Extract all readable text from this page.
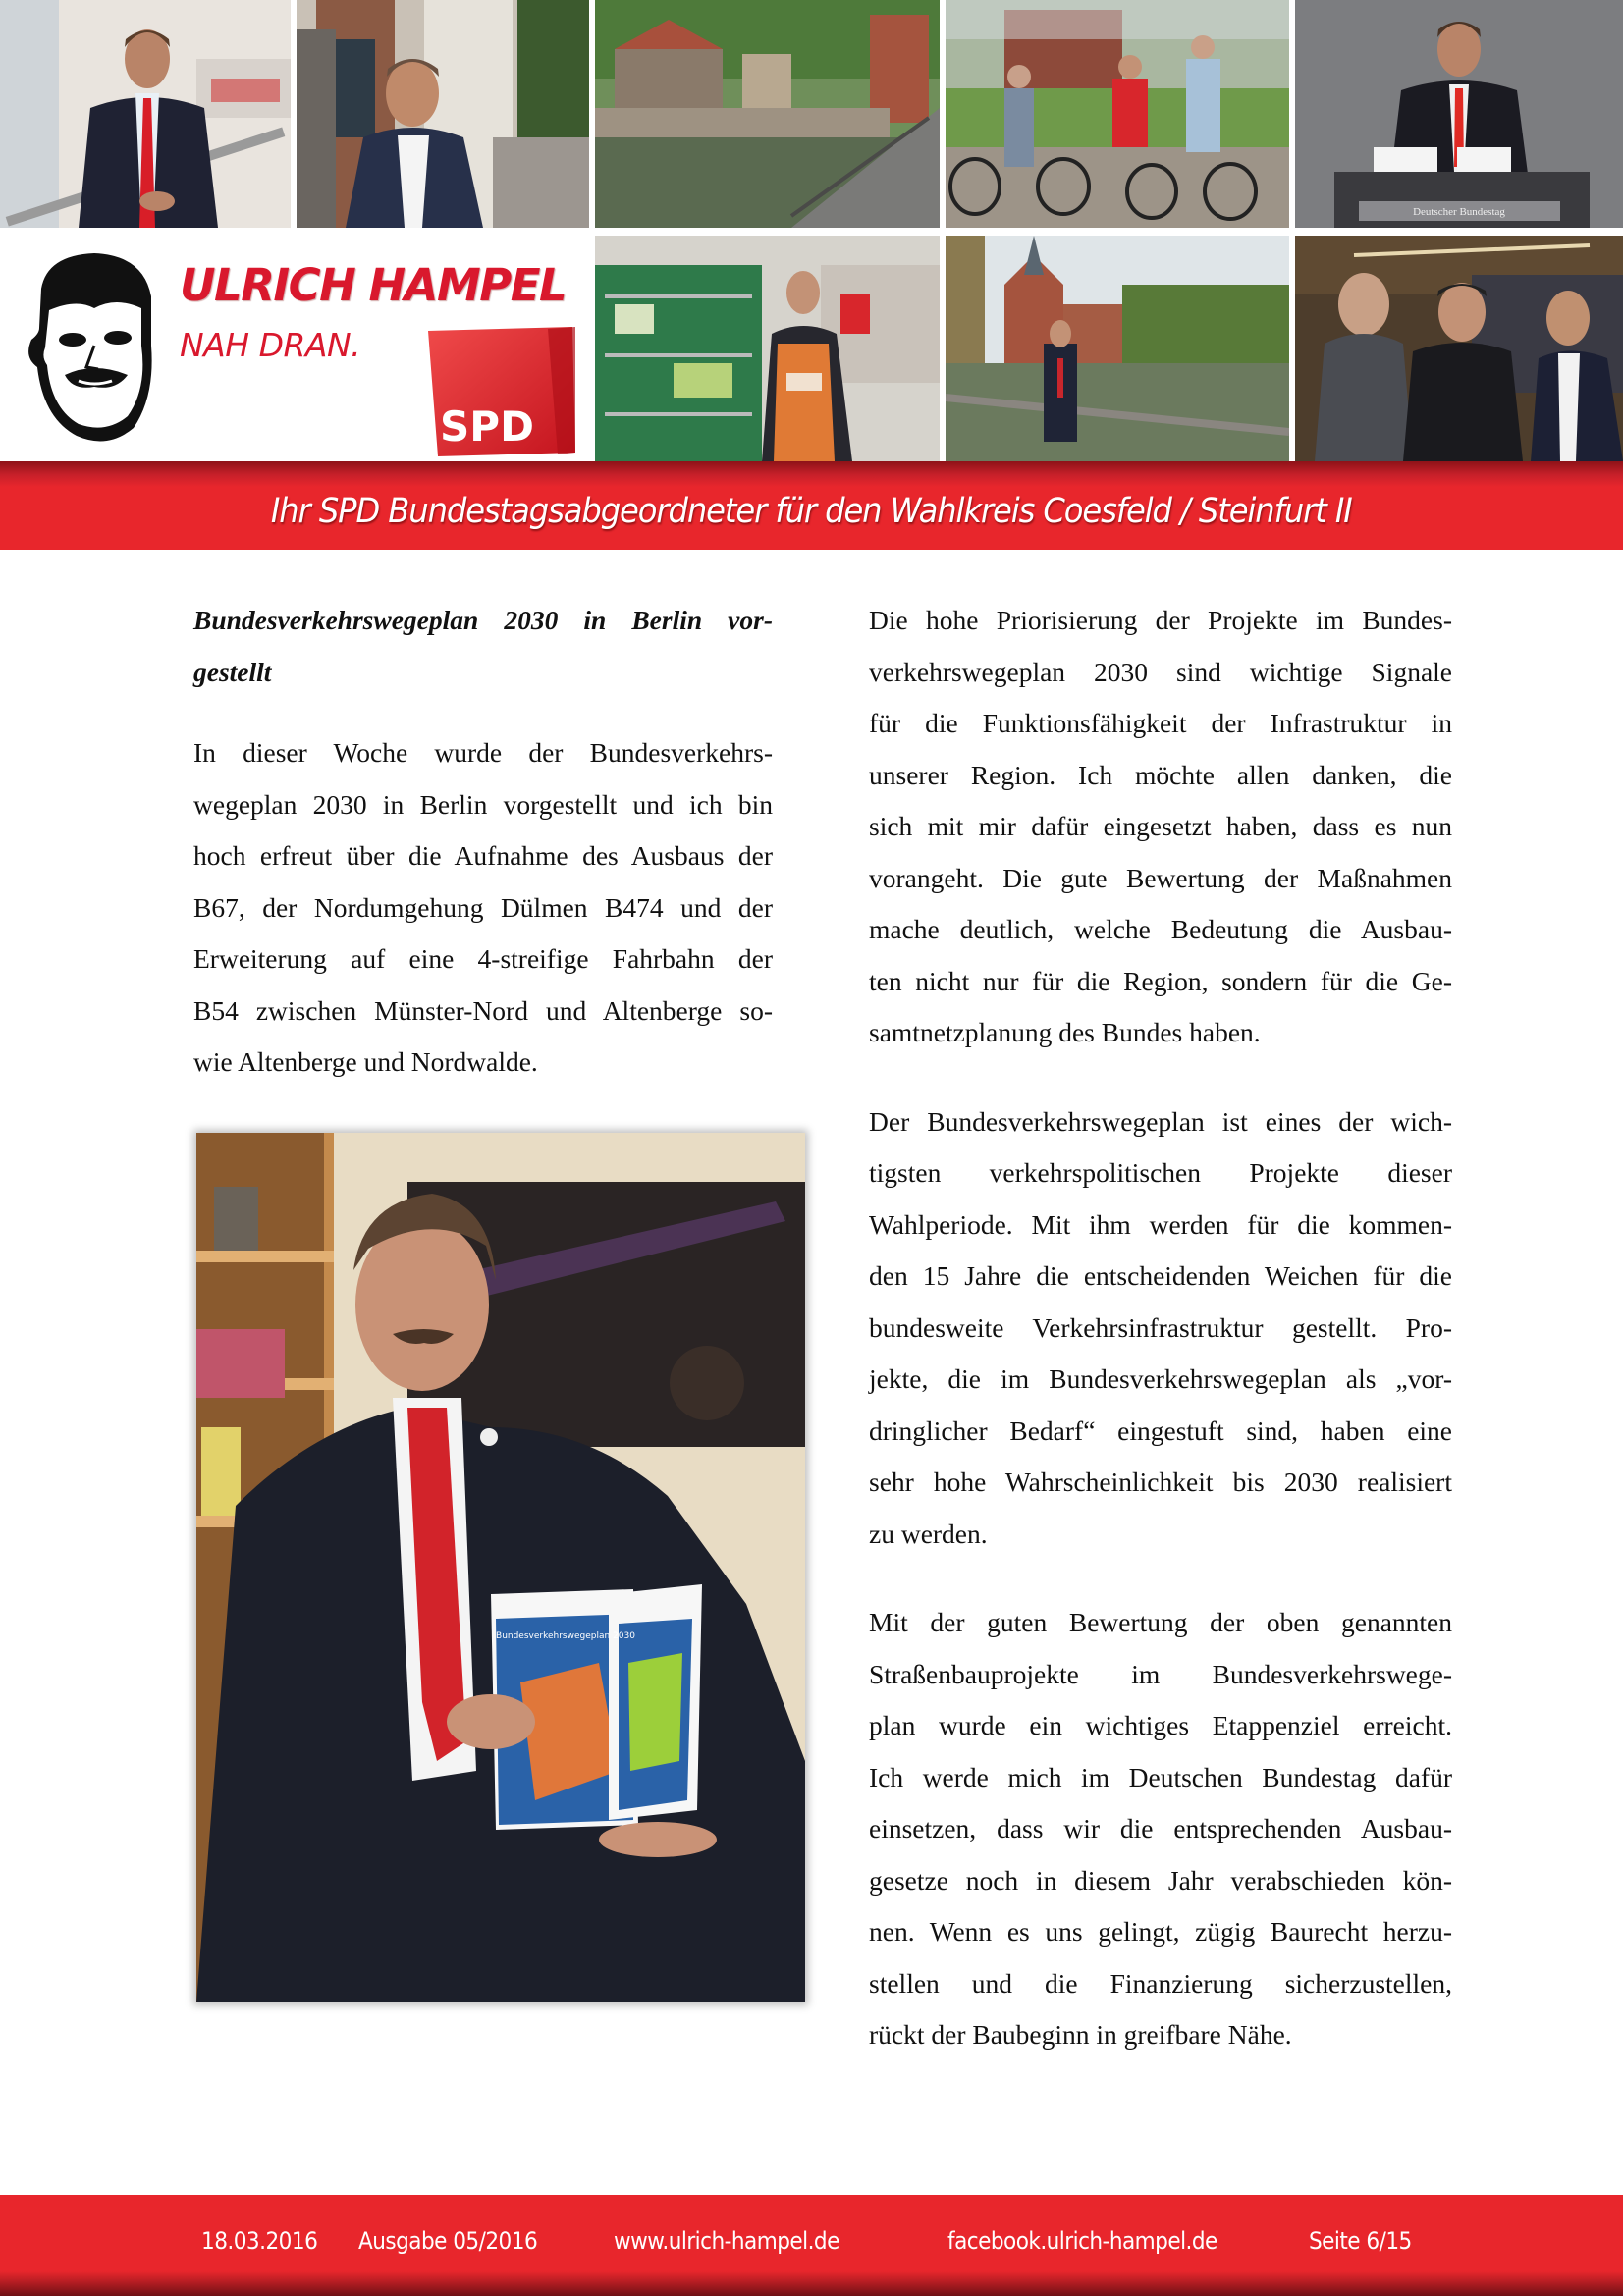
Deutscher Bundestag
ULRICH HAMPEL
NAH DRAN.
SPD
Ihr SPD Bundestagsabgeordneter für den Wahlkreis Coesfeld / Steinfurt II
Bundesverkehrswegeplan 2030 in Berlin vor-
gestellt

In dieser Woche wurde der Bundesverkehrs-
wegeplan 2030 in Berlin vorgestellt und ich bin
hoch erfreut über die Aufnahme des Ausbaus der
B67, der Nordumgehung Dülmen B474 und der
Erweiterung auf eine 4-streifige Fahrbahn der
B54 zwischen Münster-Nord und Altenberge so-
wie Altenberge und Nordwalde.

Bundesverkehrswegeplan 2030

Die hohe Priorisierung der Projekte im Bundes-
verkehrswegeplan 2030 sind wichtige Signale
für die Funktionsfähigkeit der Infrastruktur in
unserer Region. Ich möchte allen danken, die
sich mit mir dafür eingesetzt haben, dass es nun
vorangeht. Die gute Bewertung der Maßnahmen
mache deutlich, welche Bedeutung die Ausbau-
ten nicht nur für die Region, sondern für die Ge-
samtnetzplanung des Bundes haben.

Der Bundesverkehrswegeplan ist eines der wich-
tigsten verkehrspolitischen Projekte dieser
Wahlperiode. Mit ihm werden für die kommen-
den 15 Jahre die entscheidenden Weichen für die
bundesweite Verkehrsinfrastruktur gestellt. Pro-
jekte, die im Bundesverkehrswegeplan als „vor-
dringlicher Bedarf“ eingestuft sind, haben eine
sehr hohe Wahrscheinlichkeit bis 2030 realisiert
zu werden.

Mit der guten Bewertung der oben genannten
Straßenbauprojekte im Bundesverkehrswege-
plan wurde ein wichtiges Etappenziel erreicht.
Ich werde mich im Deutschen Bundestag dafür
einsetzen, dass wir die entsprechenden Ausbau-
gesetze noch in diesem Jahr verabschieden kön-
nen. Wenn es uns gelingt, zügig Baurecht herzu-
stellen und die Finanzierung sicherzustellen,
rückt der Baubeginn in greifbare Nähe.

18.03.2016 Ausgabe 05/2016	www.ulrich-hampel.de	facebook.ulrich-hampel.de	Seite 6/15
